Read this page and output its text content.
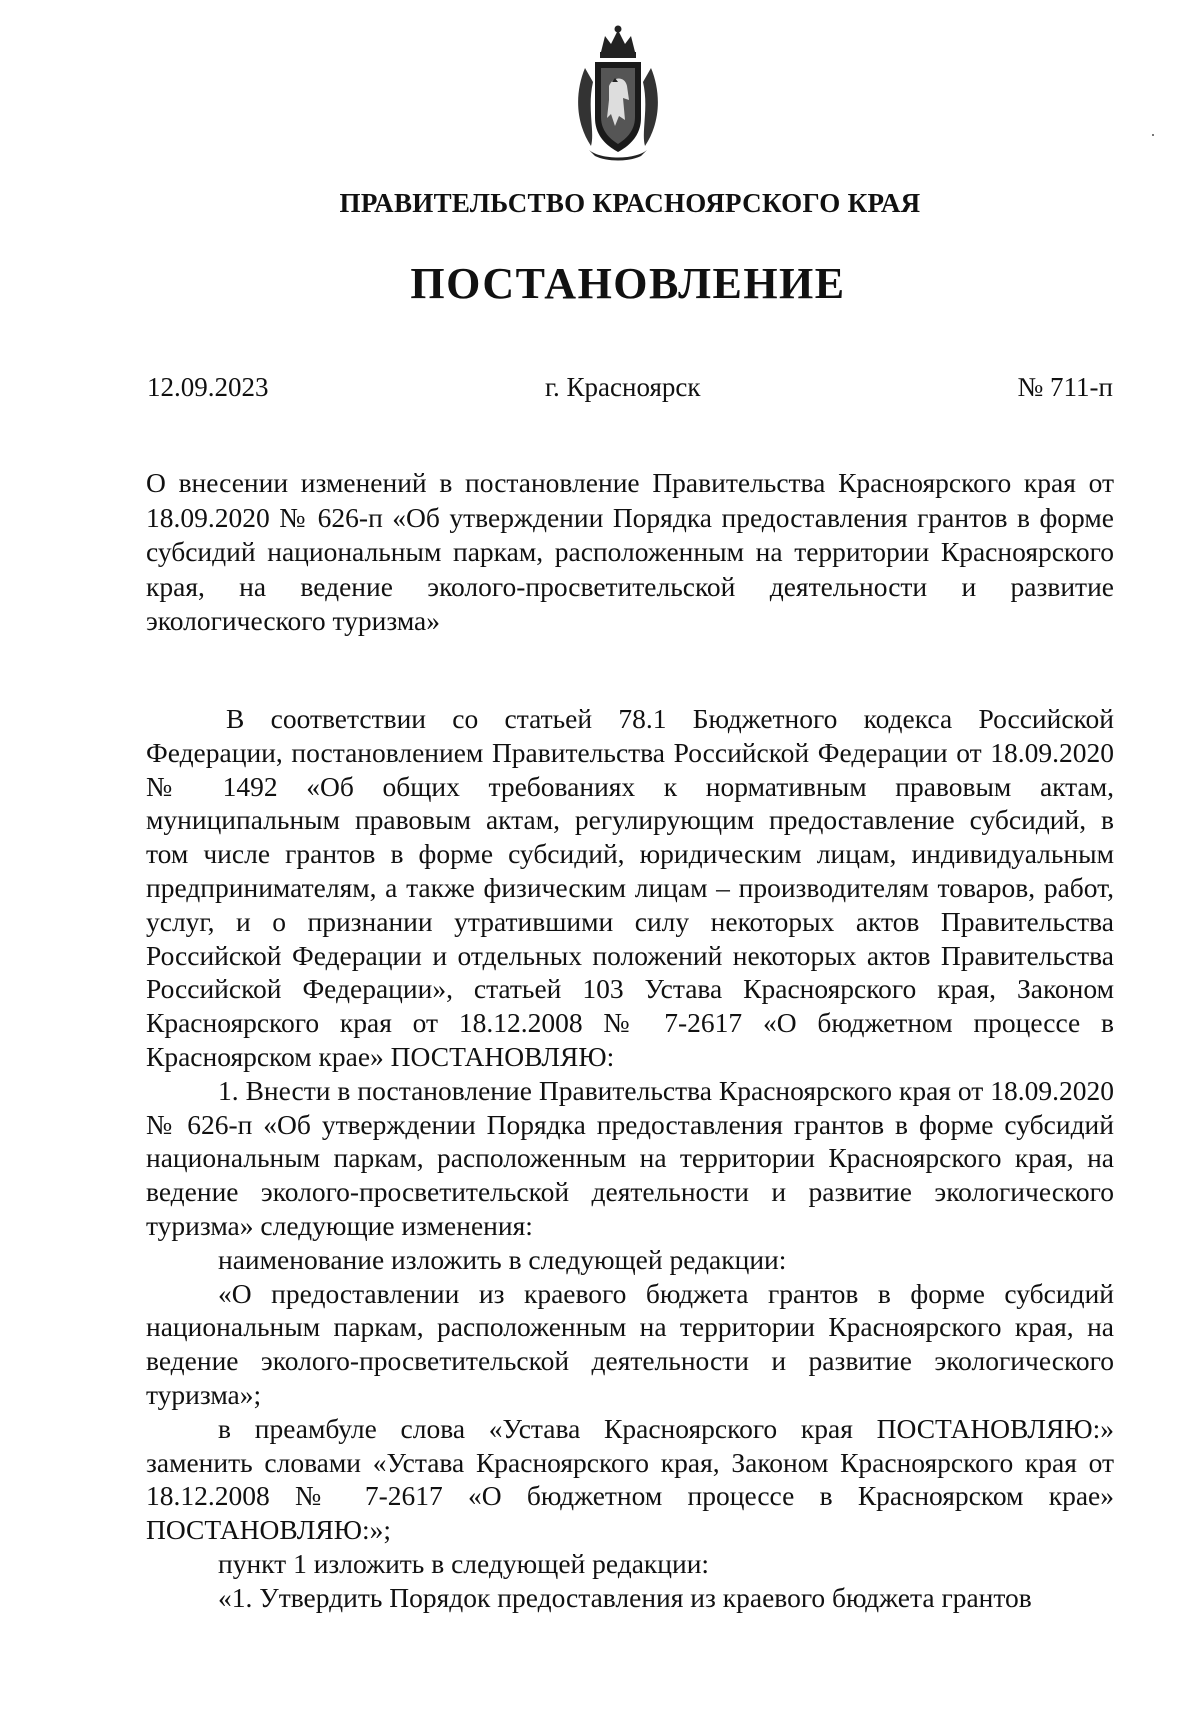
ПРАВИТЕЛЬСТВО КРАСНОЯРСКОГО КРАЯ
ПОСТАНОВЛЕНИЕ
12.09.2023	г. Красноярск	№ 711-п
О внесении изменений в постановление Правительства Красноярского края от 18.09.2020 № 626-п «Об утверждении Порядка предоставления грантов в форме субсидий национальным паркам, расположенным на территории Красноярского края, на ведение эколого-просветительской деятельности и развитие экологического туризма»

В соответствии со статьей 78.1 Бюджетного кодекса Российской Федерации, постановлением Правительства Российской Федерации от 18.09.2020 № 1492 «Об общих требованиях к нормативным правовым актам, муниципальным правовым актам, регулирующим предоставление субсидий, в том числе грантов в форме субсидий, юридическим лицам, индивидуальным предпринимателям, а также физическим лицам – производителям товаров, работ, услуг, и о признании утратившими силу некоторых актов Правительства Российской Федерации и отдельных положений некоторых актов Правительства Российской Федерации», статьей 103 Устава Красноярского края, Законом Красноярского края от 18.12.2008 № 7-2617 «О бюджетном процессе в Красноярском крае» ПОСТАНОВЛЯЮ:

1. Внести в постановление Правительства Красноярского края от 18.09.2020 № 626-п «Об утверждении Порядка предоставления грантов в форме субсидий национальным паркам, расположенным на территории Красноярского края, на ведение эколого-просветительской деятельности и развитие экологического туризма» следующие изменения:

наименование изложить в следующей редакции:

«О предоставлении из краевого бюджета грантов в форме субсидий национальным паркам, расположенным на территории Красноярского края, на ведение эколого-просветительской деятельности и развитие экологического туризма»;

в преамбуле слова «Устава Красноярского края ПОСТАНОВЛЯЮ:» заменить словами «Устава Красноярского края, Законом Красноярского края от 18.12.2008 № 7-2617 «О бюджетном процессе в Красноярском крае» ПОСТАНОВЛЯЮ:»;

пункт 1 изложить в следующей редакции:

«1. Утвердить Порядок предоставления из краевого бюджета грантов
